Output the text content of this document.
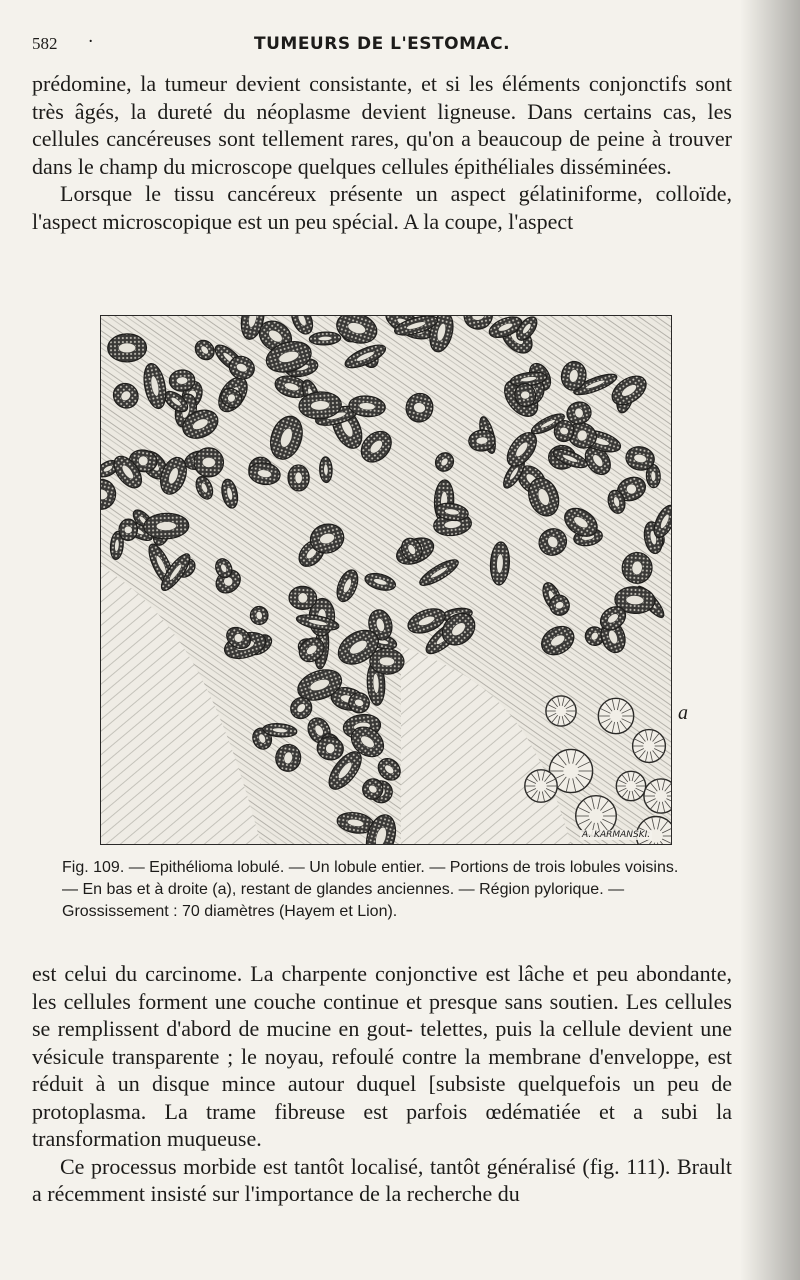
582 ·	TUMEURS DE L'ESTOMAC.

prédomine, la tumeur devient consistante, et si les éléments conjonctifs sont très âgés, la dureté du néoplasme devient ligneuse. Dans certains cas, les cellules cancéreuses sont tellement rares, qu'on a beaucoup de peine à trouver dans le champ du microscope quelques cellules épithéliales disséminées.

Lorsque le tissu cancéreux présente un aspect gélatiniforme, colloïde, l'aspect microscopique est un peu spécial. A la coupe, l'aspect

a
A. KARMANSKI.
Fig. 109. — Epithélioma lobulé. — Un lobule entier. — Portions de trois lobules voisins.
— En bas et à droite (a), restant de glandes anciennes. — Région pylorique. —
Grossissement : 70 diamètres (Hayem et Lion).

est celui du carcinome. La charpente conjonctive est lâche et peu abondante, les cellules forment une couche continue et presque sans soutien. Les cellules se remplissent d'abord de mucine en gout- telettes, puis la cellule devient une vésicule transparente ; le noyau, refoulé contre la membrane d'enveloppe, est réduit à un disque mince autour duquel [subsiste quelquefois un peu de protoplasma. La trame fibreuse est parfois œdématiée et a subi la transformation muqueuse.

Ce processus morbide est tantôt localisé, tantôt généralisé (fig. 111). Brault a récemment insisté sur l'importance de la recherche du
